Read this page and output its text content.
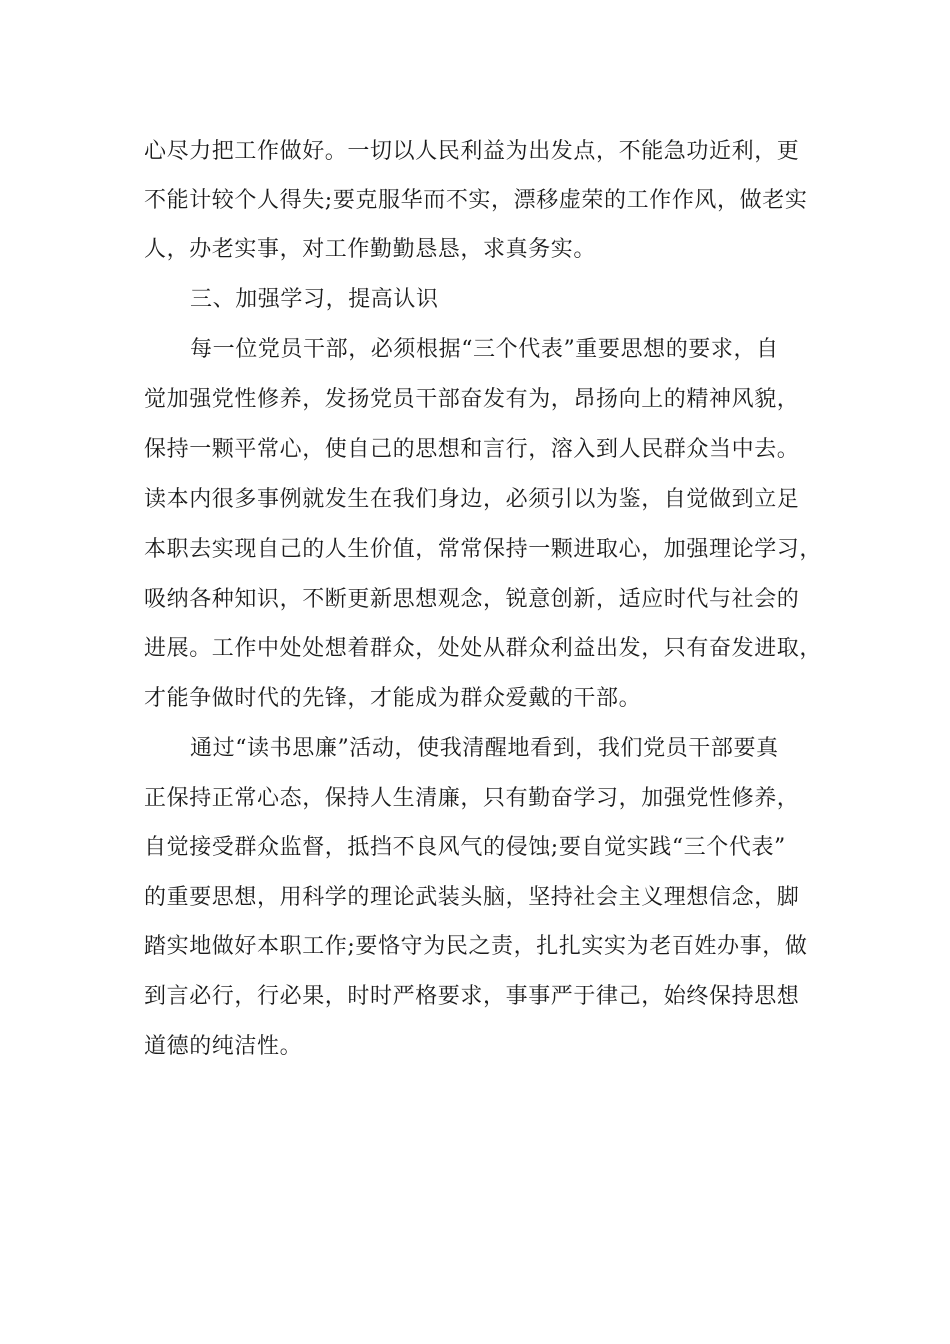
心尽力把工作做好。一切以人民利益为出发点，不能急功近利，更
不能计较个人得失;要克服华而不实，漂移虚荣的工作作风，做老实
人，办老实事，对工作勤勤恳恳，求真务实。
三、加强学习，提高认识
每一位党员干部，必须根据“三个代表”重要思想的要求，自
觉加强党性修养，发扬党员干部奋发有为，昂扬向上的精神风貌，
保持一颗平常心，使自己的思想和言行，溶入到人民群众当中去。
读本内很多事例就发生在我们身边，必须引以为鉴，自觉做到立足
本职去实现自己的人生价值，常常保持一颗进取心，加强理论学习，
吸纳各种知识，不断更新思想观念，锐意创新，适应时代与社会的
进展。工作中处处想着群众，处处从群众利益出发，只有奋发进取，
才能争做时代的先锋，才能成为群众爱戴的干部。
通过“读书思廉”活动，使我清醒地看到，我们党员干部要真
正保持正常心态，保持人生清廉，只有勤奋学习，加强党性修养，
自觉接受群众监督，抵挡不良风气的侵蚀;要自觉实践“三个代表”
的重要思想，用科学的理论武装头脑，坚持社会主义理想信念，脚
踏实地做好本职工作;要恪守为民之责，扎扎实实为老百姓办事，做
到言必行，行必果，时时严格要求，事事严于律己，始终保持思想
道德的纯洁性。
